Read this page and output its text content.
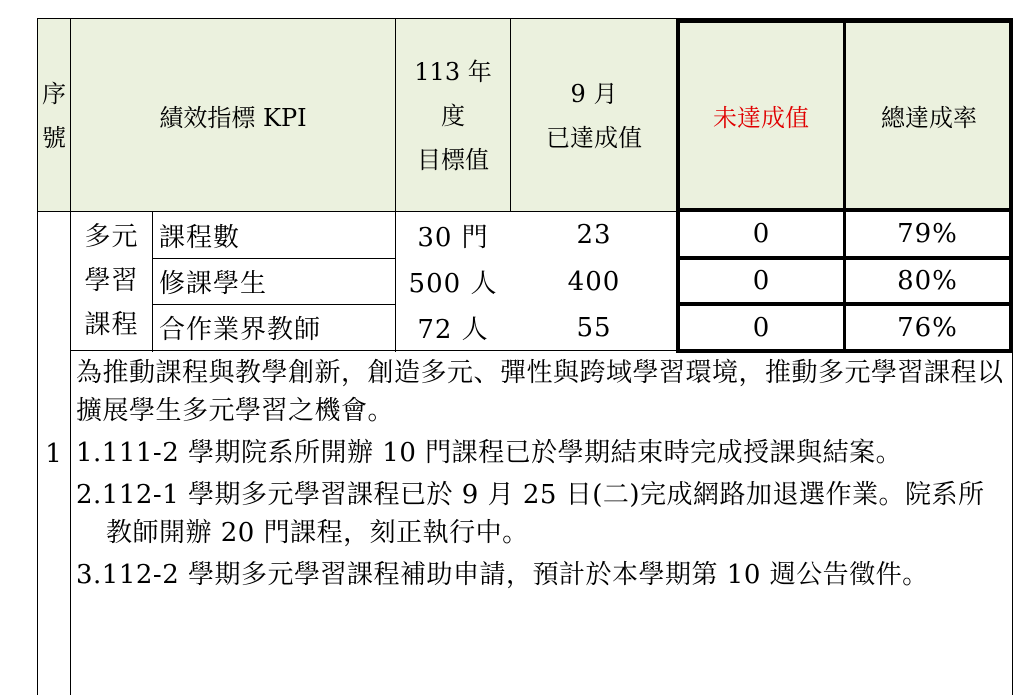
序
號
績效指標 KPI
113 年
度
目標值
9 月
已達成值
未達成值	總達成率
1
多元
學習
課程
課程數
修課學生
合作業界教師
30 門
500 人
72 人
23
400
55
0
0
0
79%
80%
76%

為推動課程與教學創新，創造多元、彈性與跨域學習環境，推動多元學習課程以擴展學生多元學習之機會。

1.111-2 學期院系所開辦 10 門課程已於學期結束時完成授課與結案。

2.112-1 學期多元學習課程已於 9 月 25 日(二)完成網路加退選作業。院系所教師開辦 20 門課程，刻正執行中。

3.112-2 學期多元學習課程補助申請，預計於本學期第 10 週公告徵件。
